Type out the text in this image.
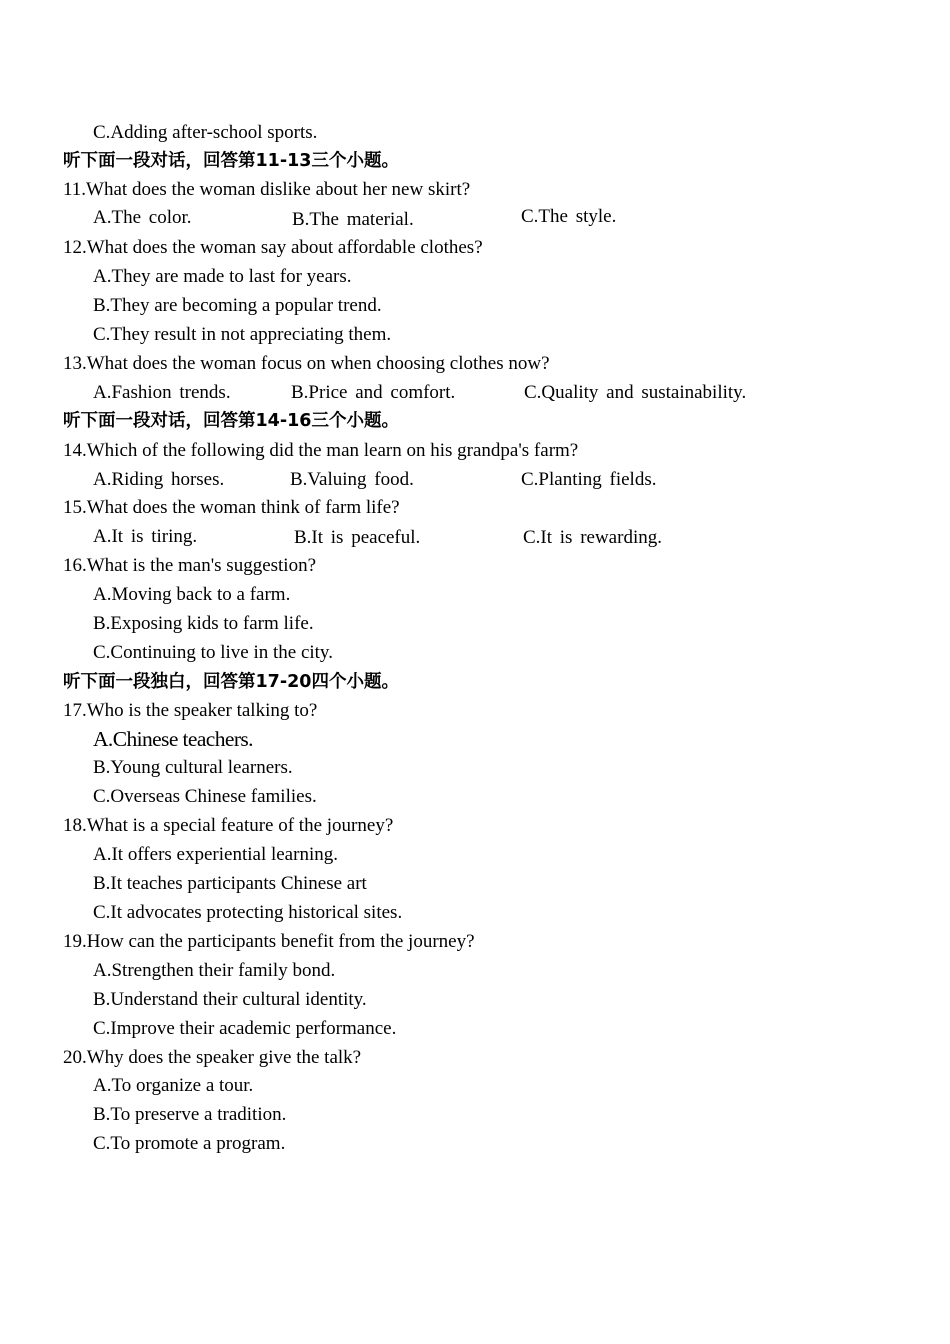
C.Adding after-school sports.
听下面一段对话，回答第11-13三个小题。
11.What does the woman dislike about her new skirt?
A.The color.	B.The material.	C.The style.
12.What does the woman say about affordable clothes?
A.They are made to last for years.
B.They are becoming a popular trend.
C.They result in not appreciating them.
13.What does the woman focus on when choosing clothes now?
A.Fashion trends.	B.Price and comfort.	C.Quality and sustainability.
听下面一段对话，回答第14-16三个小题。
14.Which of the following did the man learn on his grandpa's farm?
A.Riding horses.	B.Valuing food.	C.Planting fields.
15.What does the woman think of farm life?
A.It is tiring.	B.It is peaceful.	C.It is rewarding.
16.What is the man's suggestion?
A.Moving back to a farm.
B.Exposing kids to farm life.
C.Continuing to live in the city.
听下面一段独白，回答第17-20四个小题。
17.Who is the speaker talking to?
A.Chinese teachers.
B.Young cultural learners.
C.Overseas Chinese families.
18.What is a special feature of the journey?
A.It offers experiential learning.
B.It teaches participants Chinese art
C.It advocates protecting historical sites.
19.How can the participants benefit from the journey?
A.Strengthen their family bond.
B.Understand their cultural identity.
C.Improve their academic performance.
20.Why does the speaker give the talk?
A.To organize a tour.
B.To preserve a tradition.
C.To promote a program.
